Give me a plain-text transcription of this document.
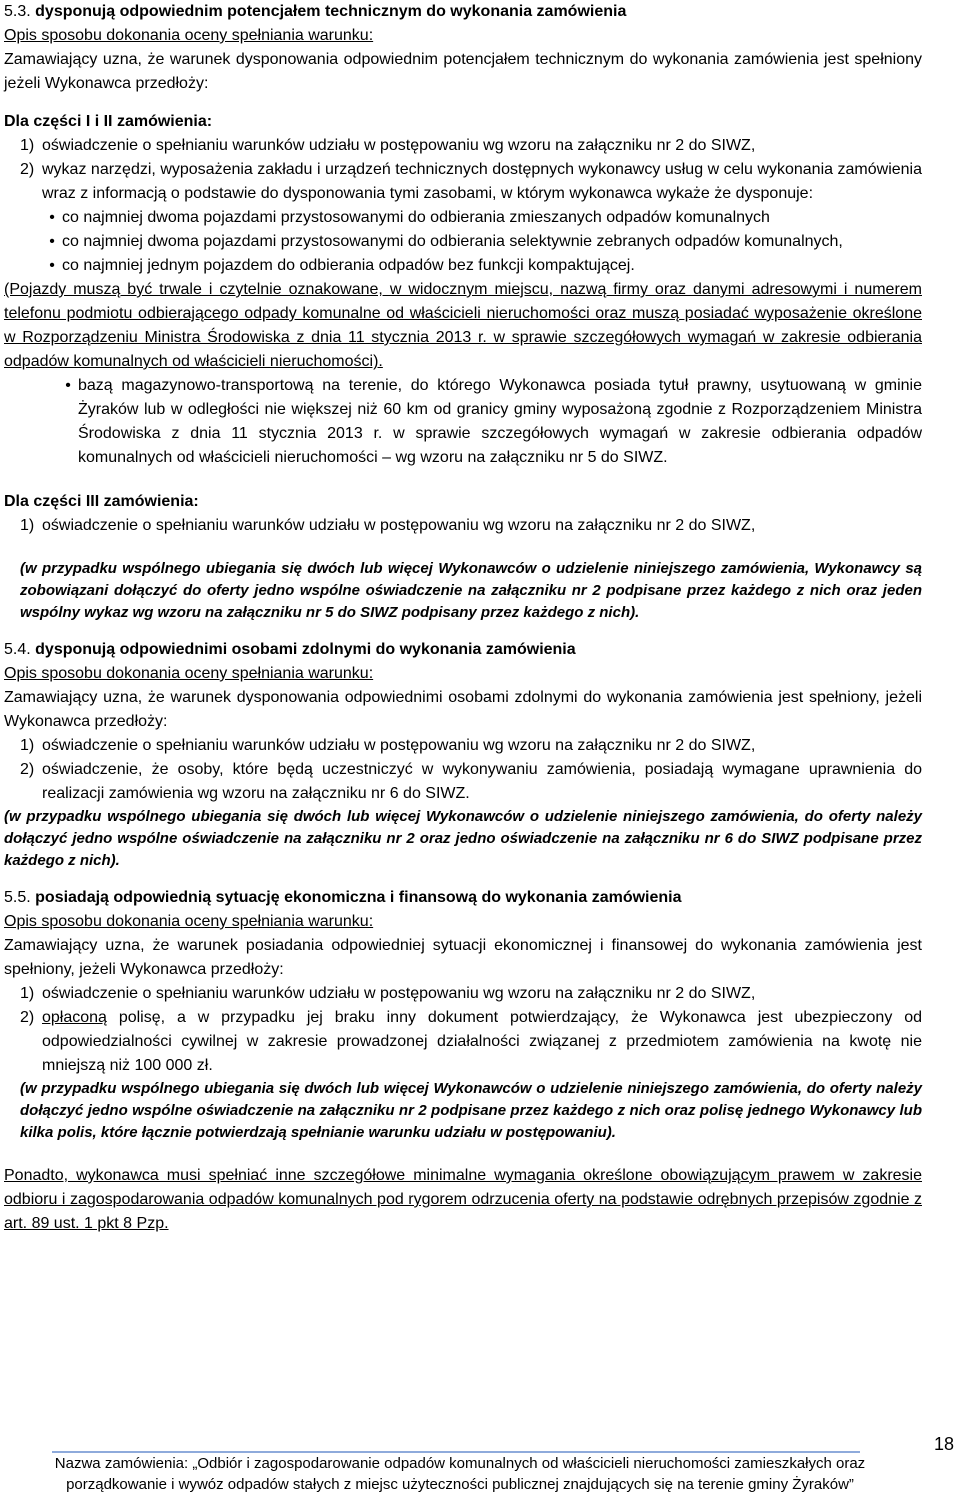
5.3. dysponują odpowiednim potencjałem technicznym do wykonania zamówienia

Opis sposobu dokonania oceny spełniania warunku:

Zamawiający uzna, że warunek dysponowania odpowiednim potencjałem technicznym do wykonania zamówienia jest spełniony jeżeli Wykonawca przedłoży:

Dla części I i II zamówienia:

1) oświadczenie o spełnianiu warunków udziału w postępowaniu wg wzoru na załączniku nr 2 do SIWZ,
2) wykaz narzędzi, wyposażenia zakładu i urządzeń technicznych dostępnych wykonawcy usług w celu wykonania zamówienia wraz z informacją o podstawie do dysponowania tymi zasobami, w którym wykonawca wykaże że dysponuje:
• co najmniej dwoma pojazdami przystosowanymi do odbierania zmieszanych odpadów komunalnych
• co najmniej dwoma pojazdami przystosowanymi do odbierania selektywnie zebranych odpadów komunalnych,
• co najmniej jednym pojazdem do odbierania odpadów bez funkcji kompaktującej.

(Pojazdy muszą być trwale i czytelnie oznakowane, w widocznym miejscu, nazwą firmy oraz danymi adresowymi i numerem telefonu podmiotu odbierającego odpady komunalne od właścicieli nieruchomości oraz muszą posiadać wyposażenie określone w Rozporządzeniu Ministra Środowiska z dnia 11 stycznia 2013 r. w sprawie szczegółowych wymagań w zakresie odbierania odpadów komunalnych od właścicieli nieruchomości).

• bazą magazynowo-transportową na terenie, do którego Wykonawca posiada tytuł prawny, usytuowaną w gminie Żyraków lub w odległości nie większej niż 60 km od granicy gminy wyposażoną zgodnie z Rozporządzeniem Ministra Środowiska z dnia 11 stycznia 2013 r. w sprawie szczegółowych wymagań w zakresie odbierania odpadów komunalnych od właścicieli nieruchomości – wg wzoru na załączniku nr 5 do SIWZ.

Dla części III zamówienia:

1) oświadczenie o spełnianiu warunków udziału w postępowaniu wg wzoru na załączniku nr 2 do SIWZ,

(w przypadku wspólnego ubiegania się dwóch lub więcej Wykonawców o udzielenie niniejszego zamówienia, Wykonawcy są zobowiązani dołączyć do oferty jedno wspólne oświadczenie na załączniku nr 2 podpisane przez każdego z nich oraz jeden wspólny wykaz wg wzoru na załączniku nr 5 do SIWZ podpisany przez każdego z nich).

5.4. dysponują odpowiednimi osobami zdolnymi do wykonania zamówienia

Opis sposobu dokonania oceny spełniania warunku:

Zamawiający uzna, że warunek dysponowania odpowiednimi osobami zdolnymi do wykonania zamówienia jest spełniony, jeżeli Wykonawca przedłoży:

1) oświadczenie o spełnianiu warunków udziału w postępowaniu wg wzoru na załączniku nr 2 do SIWZ,
2) oświadczenie, że osoby, które będą uczestniczyć w wykonywaniu zamówienia, posiadają wymagane uprawnienia do realizacji zamówienia wg wzoru na załączniku nr 6 do SIWZ.

(w przypadku wspólnego ubiegania się dwóch lub więcej Wykonawców o udzielenie niniejszego zamówienia, do oferty należy dołączyć jedno wspólne oświadczenie na załączniku nr 2 oraz jedno oświadczenie na załączniku nr 6 do SIWZ podpisane przez każdego z nich).

5.5. posiadają odpowiednią sytuację ekonomiczna i finansową do wykonania zamówienia

Opis sposobu dokonania oceny spełniania warunku:

Zamawiający uzna, że warunek posiadania odpowiedniej sytuacji ekonomicznej i finansowej do wykonania zamówienia jest spełniony, jeżeli Wykonawca przedłoży:

1) oświadczenie o spełnianiu warunków udziału w postępowaniu wg wzoru na załączniku nr 2 do SIWZ,
2) opłaconą polisę, a w przypadku jej braku inny dokument potwierdzający, że Wykonawca jest ubezpieczony od odpowiedzialności cywilnej w zakresie prowadzonej działalności związanej z przedmiotem zamówienia na kwotę nie mniejszą niż 100 000 zł.

(w przypadku wspólnego ubiegania się dwóch lub więcej Wykonawców o udzielenie niniejszego zamówienia, do oferty należy dołączyć jedno wspólne oświadczenie na załączniku nr 2 podpisane przez każdego z nich oraz polisę jednego Wykonawcy lub kilka polis, które łącznie potwierdzają spełnianie warunku udziału w postępowaniu).

Ponadto, wykonawca musi spełniać inne szczegółowe minimalne wymagania określone obowiązującym prawem w zakresie odbioru i zagospodarowania odpadów komunalnych pod rygorem odrzucenia oferty na podstawie odrębnych przepisów zgodnie z art. 89 ust. 1 pkt 8 Pzp.

Nazwa zamówienia: „Odbiór i zagospodarowanie odpadów komunalnych od właścicieli nieruchomości zamieszkałych oraz
porządkowanie i wywóz odpadów stałych z miejsc użyteczności publicznej znajdujących się na terenie gminy Żyraków”
18
